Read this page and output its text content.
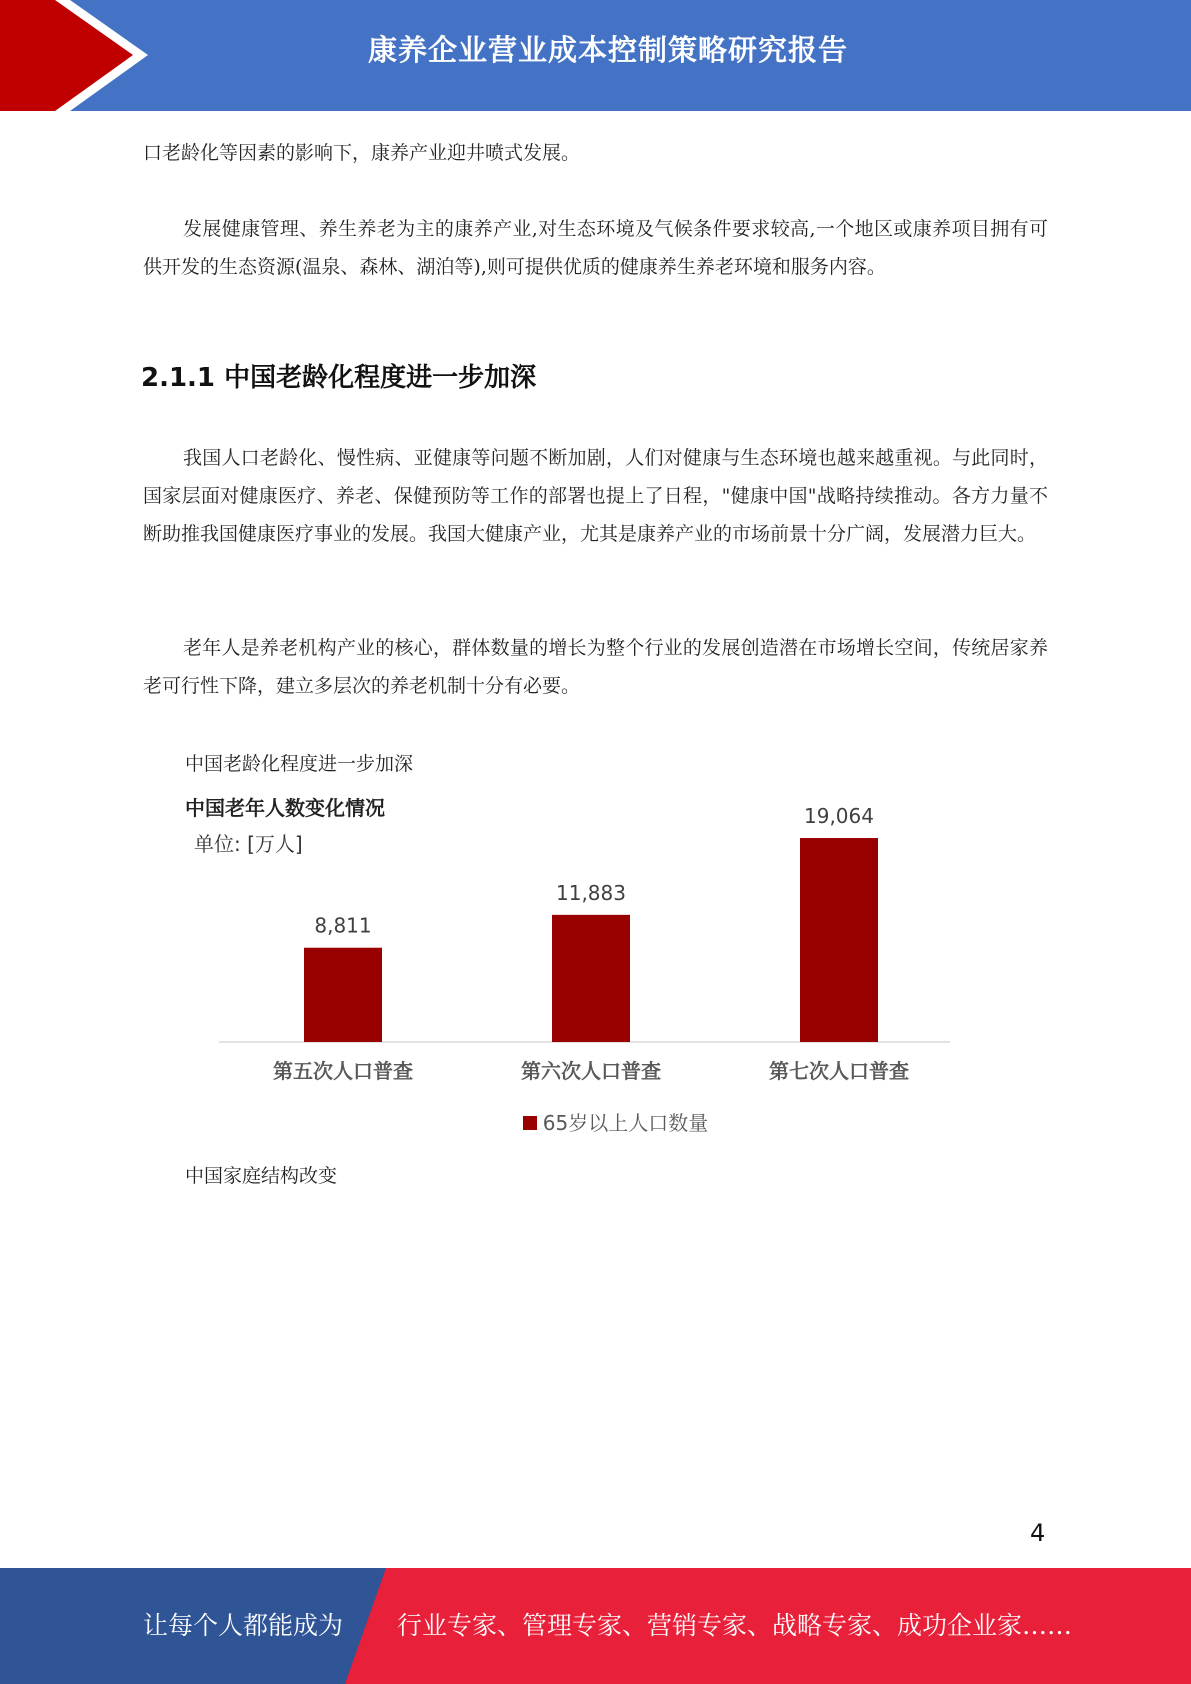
康养企业营业成本控制策略研究报告

口老龄化等因素的影响下，康养产业迎井喷式发展。

发展健康管理、养生养老为主的康养产业,对生态环境及气候条件要求较高,一个地区或康养项目拥有可供开发的生态资源(温泉、森林、湖泊等),则可提供优质的健康养生养老环境和服务内容。

2.1.1 中国老龄化程度进一步加深

我国人口老龄化、慢性病、亚健康等问题不断加剧，人们对健康与生态环境也越来越重视。与此同时，国家层面对健康医疗、养老、保健预防等工作的部署也提上了日程，"健康中国"战略持续推动。各方力量不断助推我国健康医疗事业的发展。我国大健康产业，尤其是康养产业的市场前景十分广阔，发展潜力巨大。

老年人是养老机构产业的核心，群体数量的增长为整个行业的发展创造潜在市场增长空间，传统居家养老可行性下降，建立多层次的养老机制十分有必要。

中国老龄化程度进一步加深

中国老年人数变化情况
单位: [万人]
8,811
第五次人口普查
11,883
第六次人口普查
19,064
第七次人口普查
65岁以上人口数量

中国家庭结构改变

4
让每个人都能成为 行业专家、管理专家、营销专家、战略专家、成功企业家……
